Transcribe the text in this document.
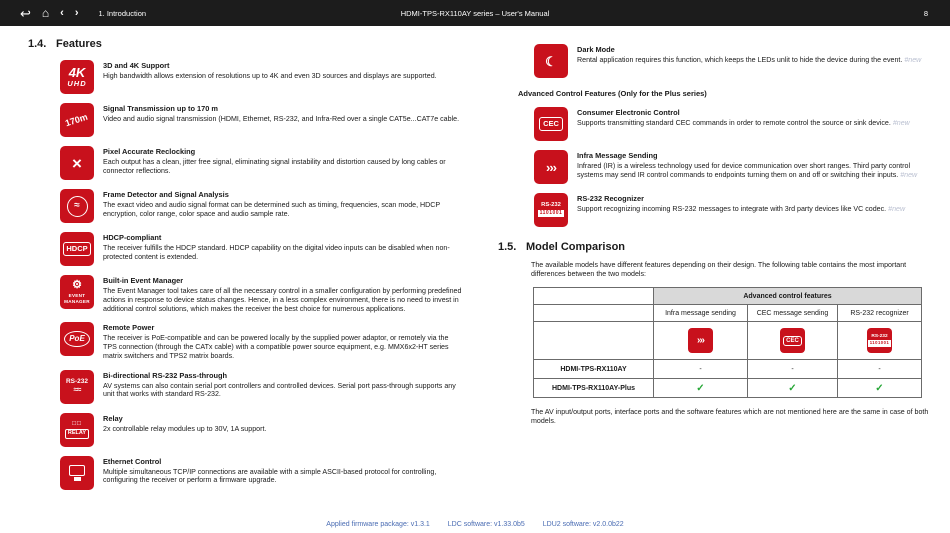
↩ ⌂ ‹ ›	1. Introduction	HDMI-TPS-RX110AY series – User's Manual	8
1.4. Features
4K
UHD
3D and 4K Support
High bandwidth allows extension of resolutions up to 4K and even 3D sources and displays are supported.
170m
Signal Transmission up to 170 m
Video and audio signal transmission (HDMI, Ethernet, RS-232, and Infra-Red over a single CAT5e...CAT7e cable.
×
Pixel Accurate Reclocking
Each output has a clean, jitter free signal, eliminating signal instability and distortion caused by long cables or connector reflections.
≈
Frame Detector and Signal Analysis
The exact video and audio signal format can be determined such as timing, frequencies, scan mode, HDCP encryption, color range, color space and audio sample rate.
HDCP
HDCP-compliant
The receiver fulfills the HDCP standard. HDCP capability on the digital video inputs can be disabled when non-protected content is extended.
⚙
EVENT MANAGER
Built-in Event Manager
The Event Manager tool takes care of all the necessary control in a smaller configuration by performing predefined actions in response to device status changes. Hence, in a less complex environment, there is no need to invest in additional control solutions, which makes the receiver the best choice for numerous applications.
PoE
Remote Power
The receiver is PoE-compatible and can be powered locally by the supplied power adaptor, or remotely via the TPS connection (through the CATx cable) with a compatible power source equipment, e.g. MMX6x2-HT series matrix switchers and TPS2 matrix boards.
RS-232
≈≈
Bi-directional RS-232 Pass-through
AV systems can also contain serial port controllers and controlled devices. Serial port pass-through supports any unit that works with standard RS-232.
□□
RELAY
Relay
2x controllable relay modules up to 30V, 1A support.
Ethernet Control
Multiple simultaneous TCP/IP connections are available with a simple ASCII-based protocol for controlling, configuring the receiver or perform a firmware upgrade.
☾
Dark Mode
Rental application requires this function, which keeps the LEDs unlit to hide the device during the event. #new
Advanced Control Features (Only for the Plus series)
CEC
Consumer Electronic Control
Supports transmitting standard CEC commands in order to remote control the source or sink device. #new
›››
Infra Message Sending
Infrared (IR) is a wireless technology used for device communication over short ranges. Third party control systems may send IR control commands to endpoints turning them on and off or switching their inputs. #new
RS-232
1101001
RS-232 Recognizer
Support recognizing incoming RS-232 messages to integrate with 3rd party devices like VC codec. #new
1.5. Model Comparison
The available models have different features depending on their design. The following table contains the most important differences between the two models:
	Advanced control features		
	Infra message sending	CEC message sending	RS-232 recognizer

	›››	CEC	RS-232
1101001

HDMI-TPS-RX110AY	-	-	-
HDMI-TPS-RX110AY-Plus	✓	✓	✓
The AV input/output ports, interface ports and the software features which are not mentioned here are the same in case of both models.
Applied firmware package: v1.3.1	LDC software: v1.33.0b5	LDU2 software: v2.0.0b22
